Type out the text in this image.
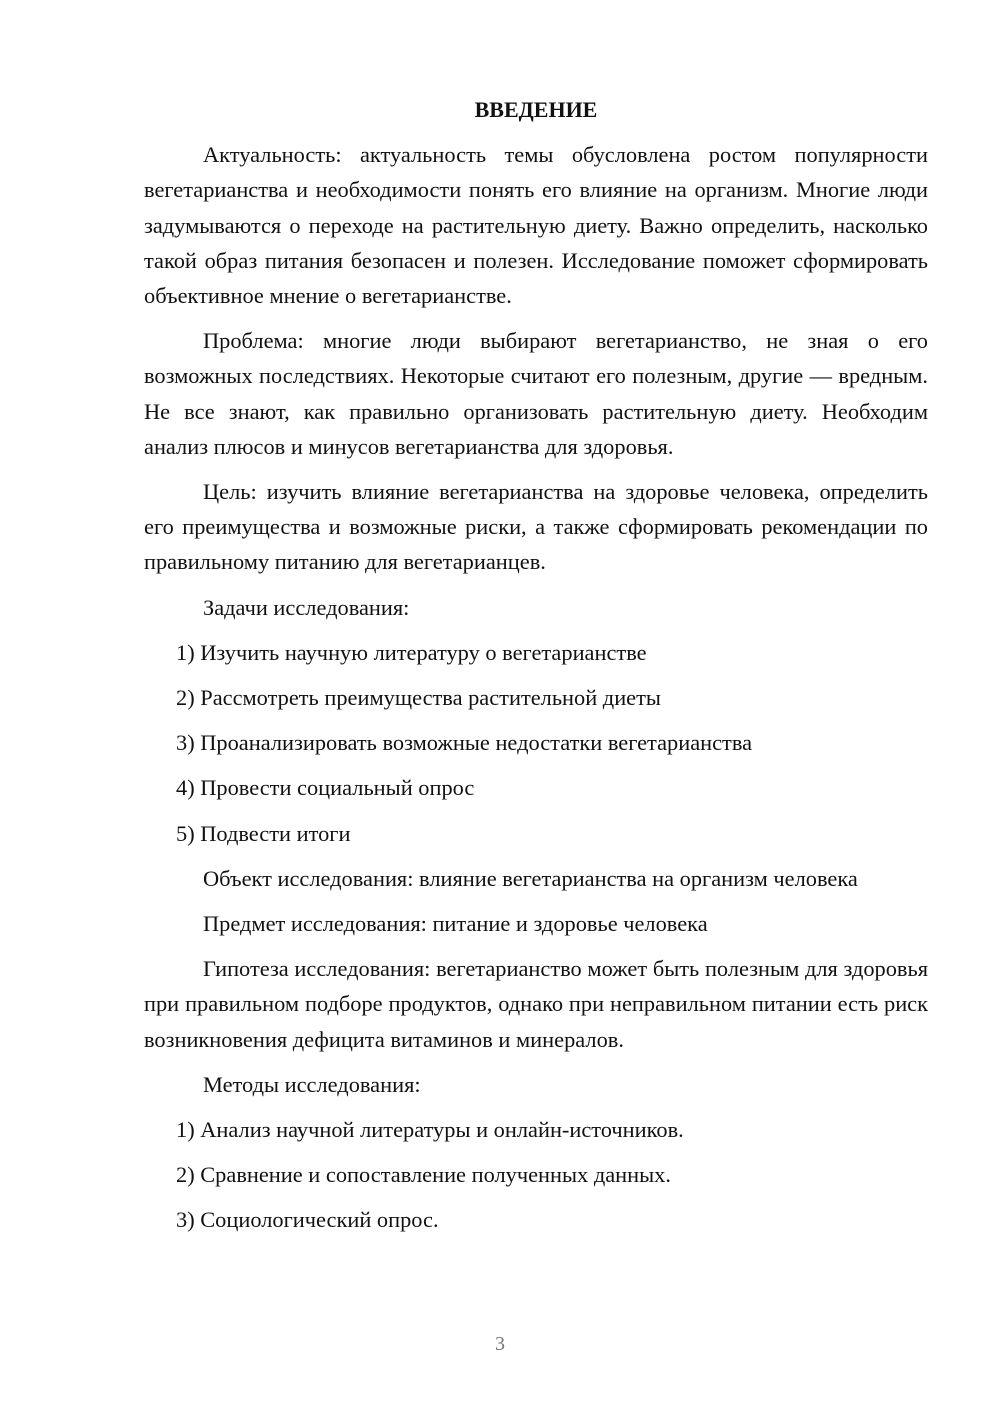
ВВЕДЕНИЕ

Актуальность: актуальность темы обусловлена ростом популярности вегетарианства и необходимости понять его влияние на организм. Многие люди задумываются о переходе на растительную диету. Важно определить, насколько такой образ питания безопасен и полезен. Исследование поможет сформировать объективное мнение о вегетарианстве.

Проблема: многие люди выбирают вегетарианство, не зная о его возможных последствиях. Некоторые считают его полезным, другие — вредным. Не все знают, как правильно организовать растительную диету. Необходим анализ плюсов и минусов вегетарианства для здоровья.

Цель: изучить влияние вегетарианства на здоровье человека, определить его преимущества и возможные риски, а также сформировать рекомендации по правильному питанию для вегетарианцев.

Задачи исследования:

1) Изучить научную литературу о вегетарианстве
2) Рассмотреть преимущества растительной диеты
3) Проанализировать возможные недостатки вегетарианства
4) Провести социальный опрос
5) Подвести итоги

Объект исследования: влияние вегетарианства на организм человека

Предмет исследования: питание и здоровье человека

Гипотеза исследования: вегетарианство может быть полезным для здоровья при правильном подборе продуктов, однако при неправильном питании есть риск возникновения дефицита витаминов и минералов.

Методы исследования:

1) Анализ научной литературы и онлайн-источников.
2) Сравнение и сопоставление полученных данных.
3) Социологический опрос.
3
